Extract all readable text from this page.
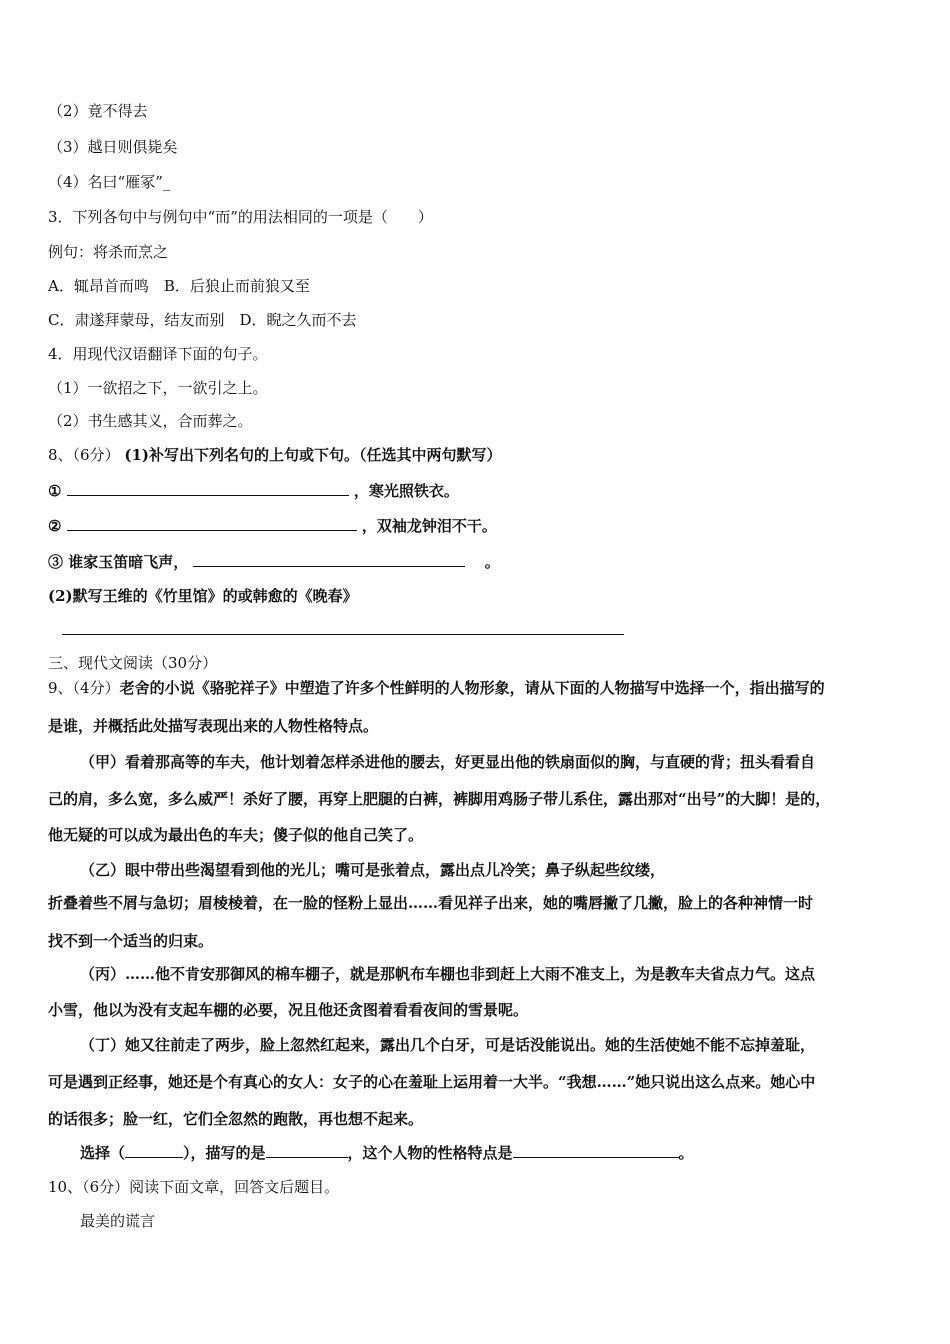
（2）竟不得去
（3）越日则俱毙矣
（4）名曰“雁冢”_
3．下列各句中与例句中“而”的用法相同的一项是（　　）
例句：将杀而烹之
A．辄昂首而鸣　B．后狼止而前狼又至
C．肃遂拜蒙母，结友而别　D．睨之久而不去
4．用现代汉语翻译下面的句子。
（1）一欲招之下，一欲引之上。
（2）书生感其义，合而葬之。
8、（6分） (1)补写出下列名句的上句或下句。（任选其中两句默写）
①	，寒光照铁衣。
②	，双袖龙钟泪不干。
③ 谁家玉笛暗飞声，	。
(2)默写王维的《竹里馆》的或韩愈的《晚春》
三、现代文阅读（30分）
9、（4分）老舍的小说《骆驼祥子》中塑造了许多个性鲜明的人物形象，请从下面的人物描写中选择一个，指出描写的
是谁，并概括此处描写表现出来的人物性格特点。
（甲）看着那高等的车夫，他计划着怎样杀进他的腰去，好更显出他的铁扇面似的胸，与直硬的背；扭头看看自
己的肩，多么宽，多么威严！杀好了腰，再穿上肥腿的白裤，裤脚用鸡肠子带儿系住，露出那对“出号”的大脚！是的，
他无疑的可以成为最出色的车夫；傻子似的他自己笑了。
（乙）眼中带出些渴望看到他的光儿；嘴可是张着点，露出点儿冷笑；鼻子纵起些纹缕，
折叠着些不屑与急切；眉棱棱着，在一脸的怪粉上显出……看见祥子出来，她的嘴唇撇了几撇，脸上的各种神情一时
找不到一个适当的归束。
（丙）……他不肯安那御风的棉车棚子，就是那帆布车棚也非到赶上大雨不准支上，为是教车夫省点力气。这点
小雪，他以为没有支起车棚的必要，况且他还贪图着看看夜间的雪景呢。
（丁）她又往前走了两步，脸上忽然红起来，露出几个白牙，可是话没能说出。她的生活使她不能不忘掉羞耻，
可是遇到正经事，她还是个有真心的女人：女子的心在羞耻上运用着一大半。“我想……”她只说出这么点来。她心中
的话很多；脸一红，它们全忽然的跑散，再也想不起来。
选择（	），描写的是	，这个人物的性格特点是	。
10、（6分）阅读下面文章，回答文后题目。
最美的谎言
